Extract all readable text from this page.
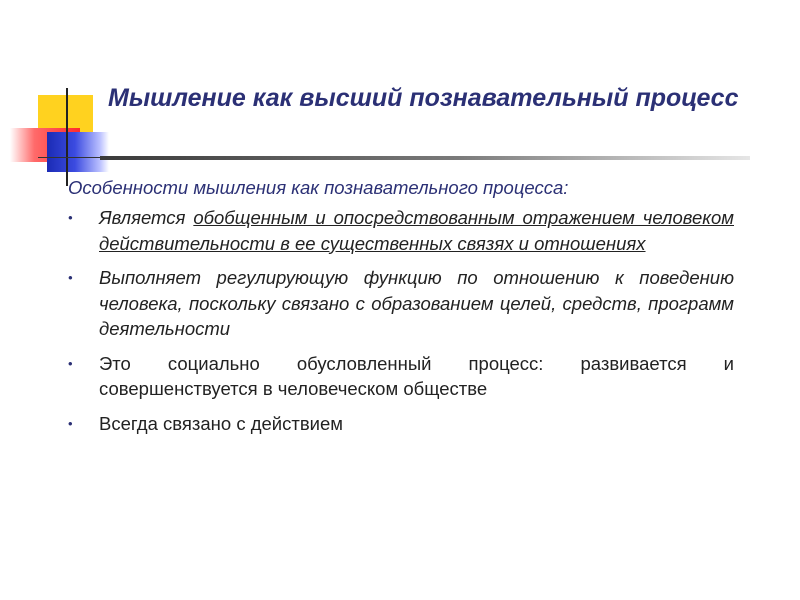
Мышление как высший познавательный процесс

Особенности мышления как познавательного процесса:

• Является обобщенным и опосредствованным отражением человеком действительности в ее существенных связях и отношениях
• Выполняет регулирующую функцию по отношению к поведению человека, поскольку связано с образованием целей, средств, программ деятельности
• Это социально обусловленный процесс: развивается и совершенствуется в человеческом обществе
• Всегда связано с действием
